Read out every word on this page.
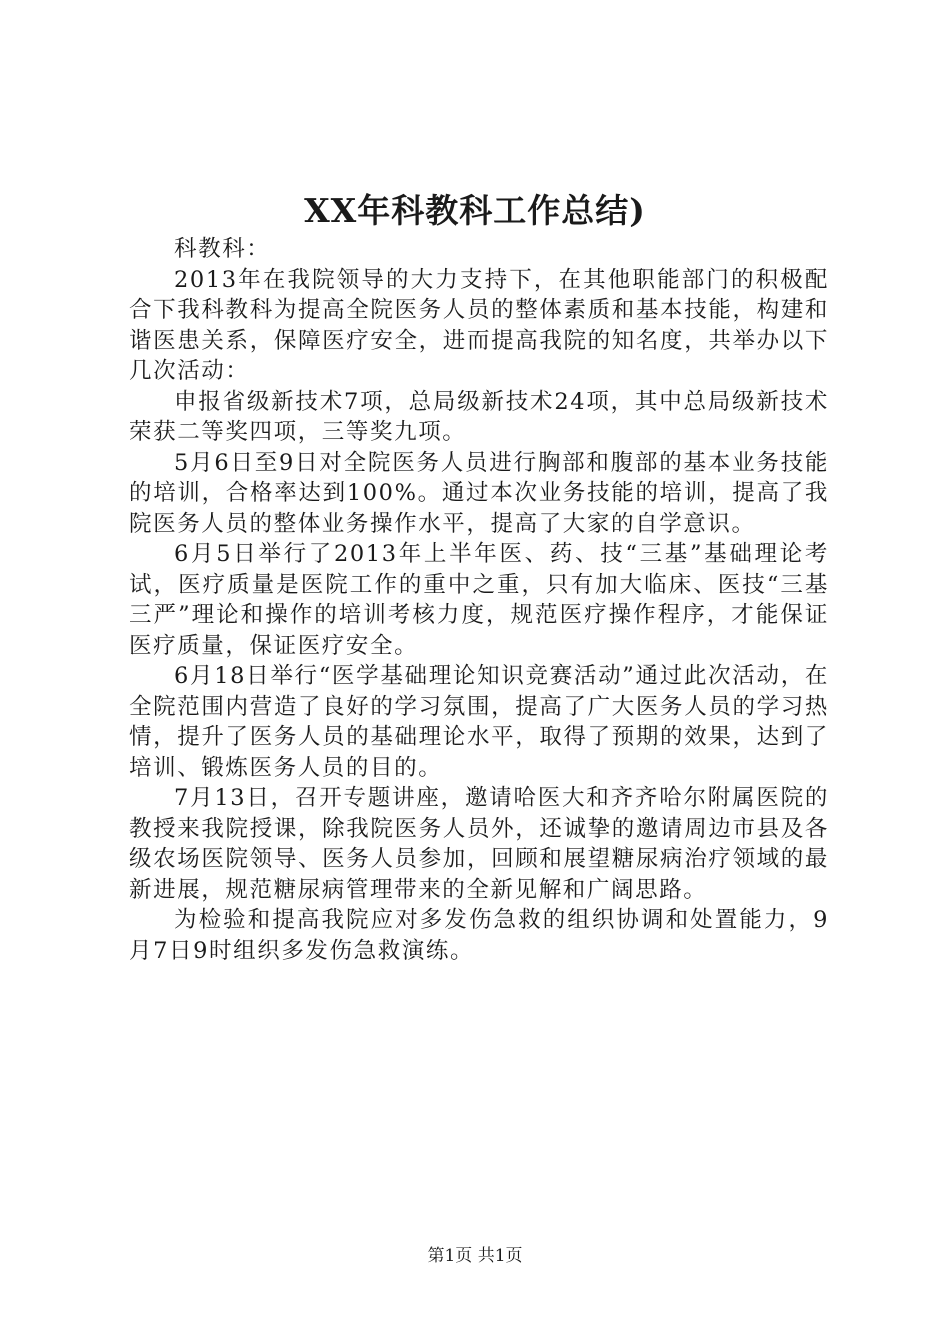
XX年科教科工作总结)

科教科：

2013年在我院领导的大力支持下，在其他职能部门的积极配合下我科教科为提高全院医务人员的整体素质和基本技能，构建和谐医患关系，保障医疗安全，进而提高我院的知名度，共举办以下几次活动：

申报省级新技术7项，总局级新技术24项，其中总局级新技术荣获二等奖四项，三等奖九项。

5月6日至9日对全院医务人员进行胸部和腹部的基本业务技能的培训，合格率达到100%。通过本次业务技能的培训，提高了我院医务人员的整体业务操作水平，提高了大家的自学意识。

6月5日举行了2013年上半年医、药、技“三基”基础理论考试，医疗质量是医院工作的重中之重，只有加大临床、医技“三基三严”理论和操作的培训考核力度，规范医疗操作程序，才能保证医疗质量，保证医疗安全。

6月18日举行“医学基础理论知识竞赛活动”通过此次活动，在全院范围内营造了良好的学习氛围，提高了广大医务人员的学习热情，提升了医务人员的基础理论水平，取得了预期的效果，达到了培训、锻炼医务人员的目的。

7月13日，召开专题讲座，邀请哈医大和齐齐哈尔附属医院的教授来我院授课，除我院医务人员外，还诚挚的邀请周边市县及各级农场医院领导、医务人员参加，回顾和展望糖尿病治疗领域的最新进展，规范糖尿病管理带来的全新见解和广阔思路。

为检验和提高我院应对多发伤急救的组织协调和处置能力，9月7日9时组织多发伤急救演练。

第1页 共1页
